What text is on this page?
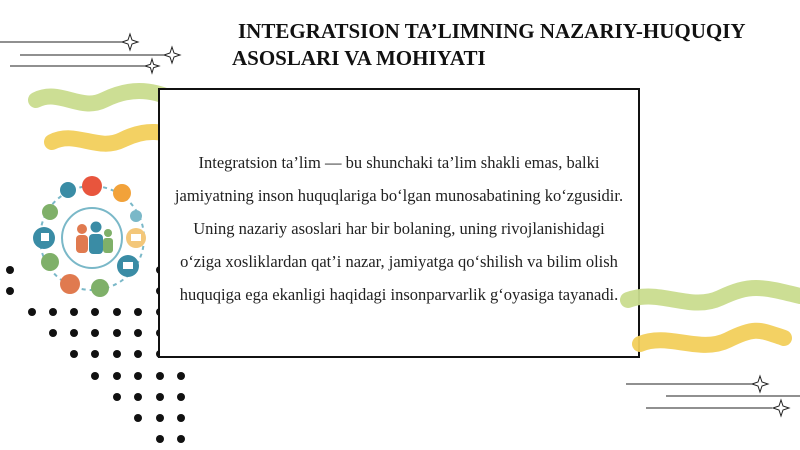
INTEGRATSION TA’LIMNING NAZARIY-HUQUQIY
ASOSLARI VA MOHIYATI

Integratsion ta’lim — bu shunchaki ta’lim shakli emas, balki jamiyatning inson huquqlariga bo‘lgan munosabatining ko‘zgusidir. Uning nazariy asoslari har bir bolaning, uning rivojlanishidagi o‘ziga xosliklardan qat’i nazar, jamiyatga qo‘shilish va bilim olish huquqiga ega ekanligi haqidagi insonparvarlik g‘oyasiga tayanadi.
